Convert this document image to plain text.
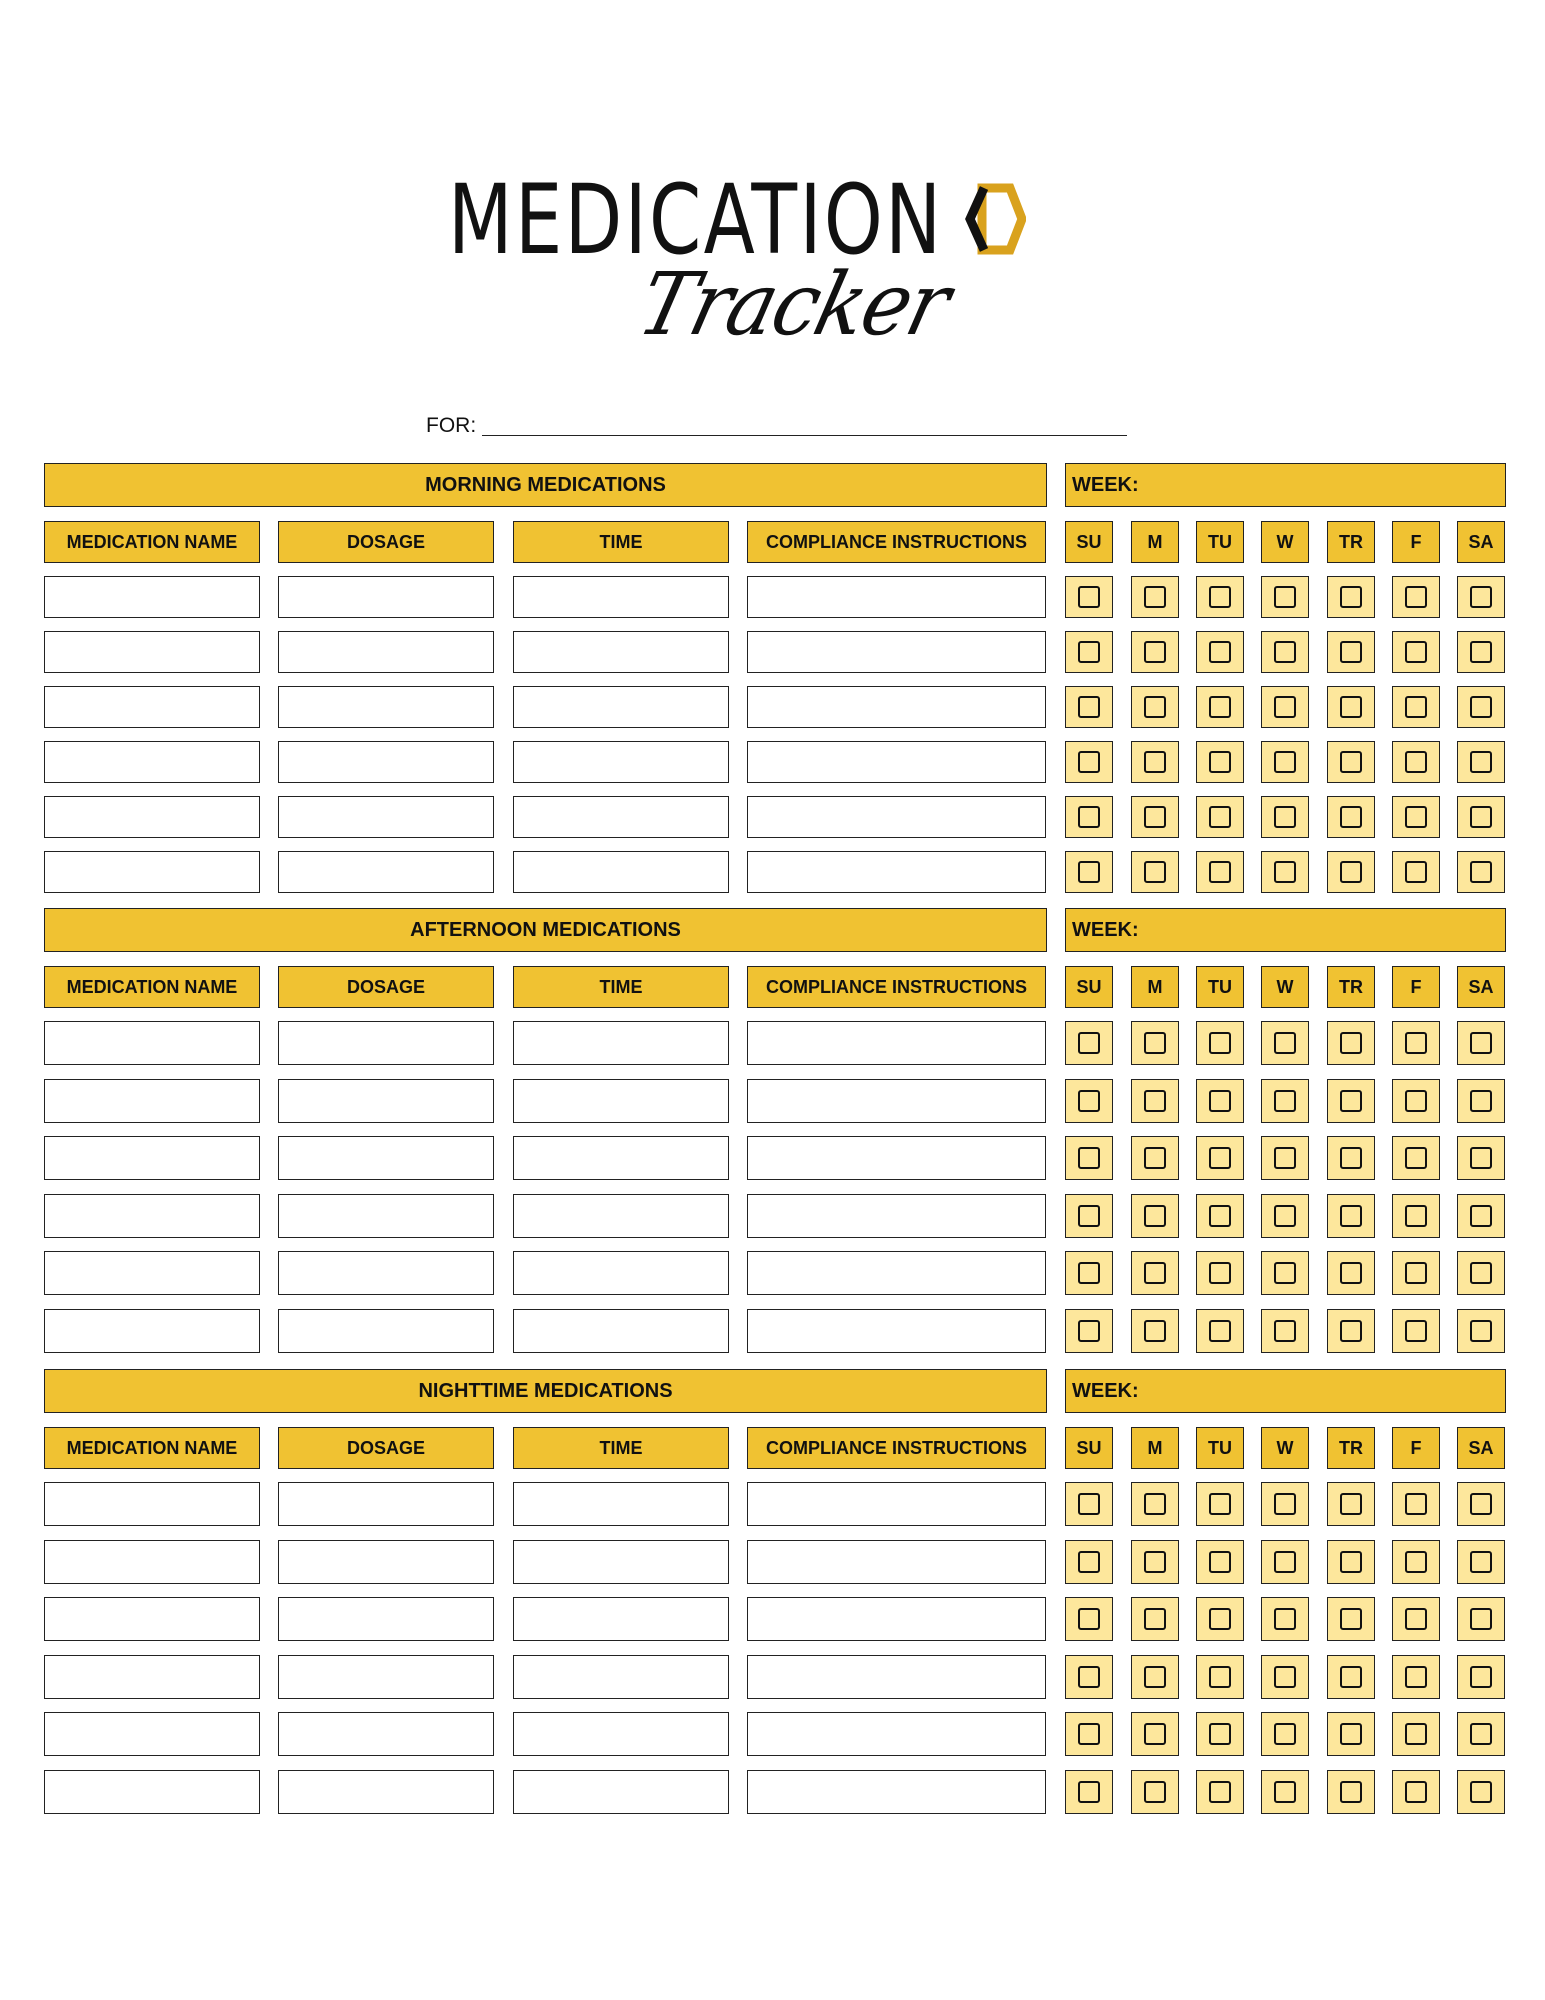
MEDICATION
Tracker
FOR:
MORNING MEDICATIONS	WEEK:
MEDICATION NAME	DOSAGE	TIME	COMPLIANCE INSTRUCTIONS	SU	M	TU	W	TR	F	SA
AFTERNOON MEDICATIONS	WEEK:
MEDICATION NAME	DOSAGE	TIME	COMPLIANCE INSTRUCTIONS	SU	M	TU	W	TR	F	SA
NIGHTTIME MEDICATIONS	WEEK:
MEDICATION NAME	DOSAGE	TIME	COMPLIANCE INSTRUCTIONS	SU	M	TU	W	TR	F	SA
